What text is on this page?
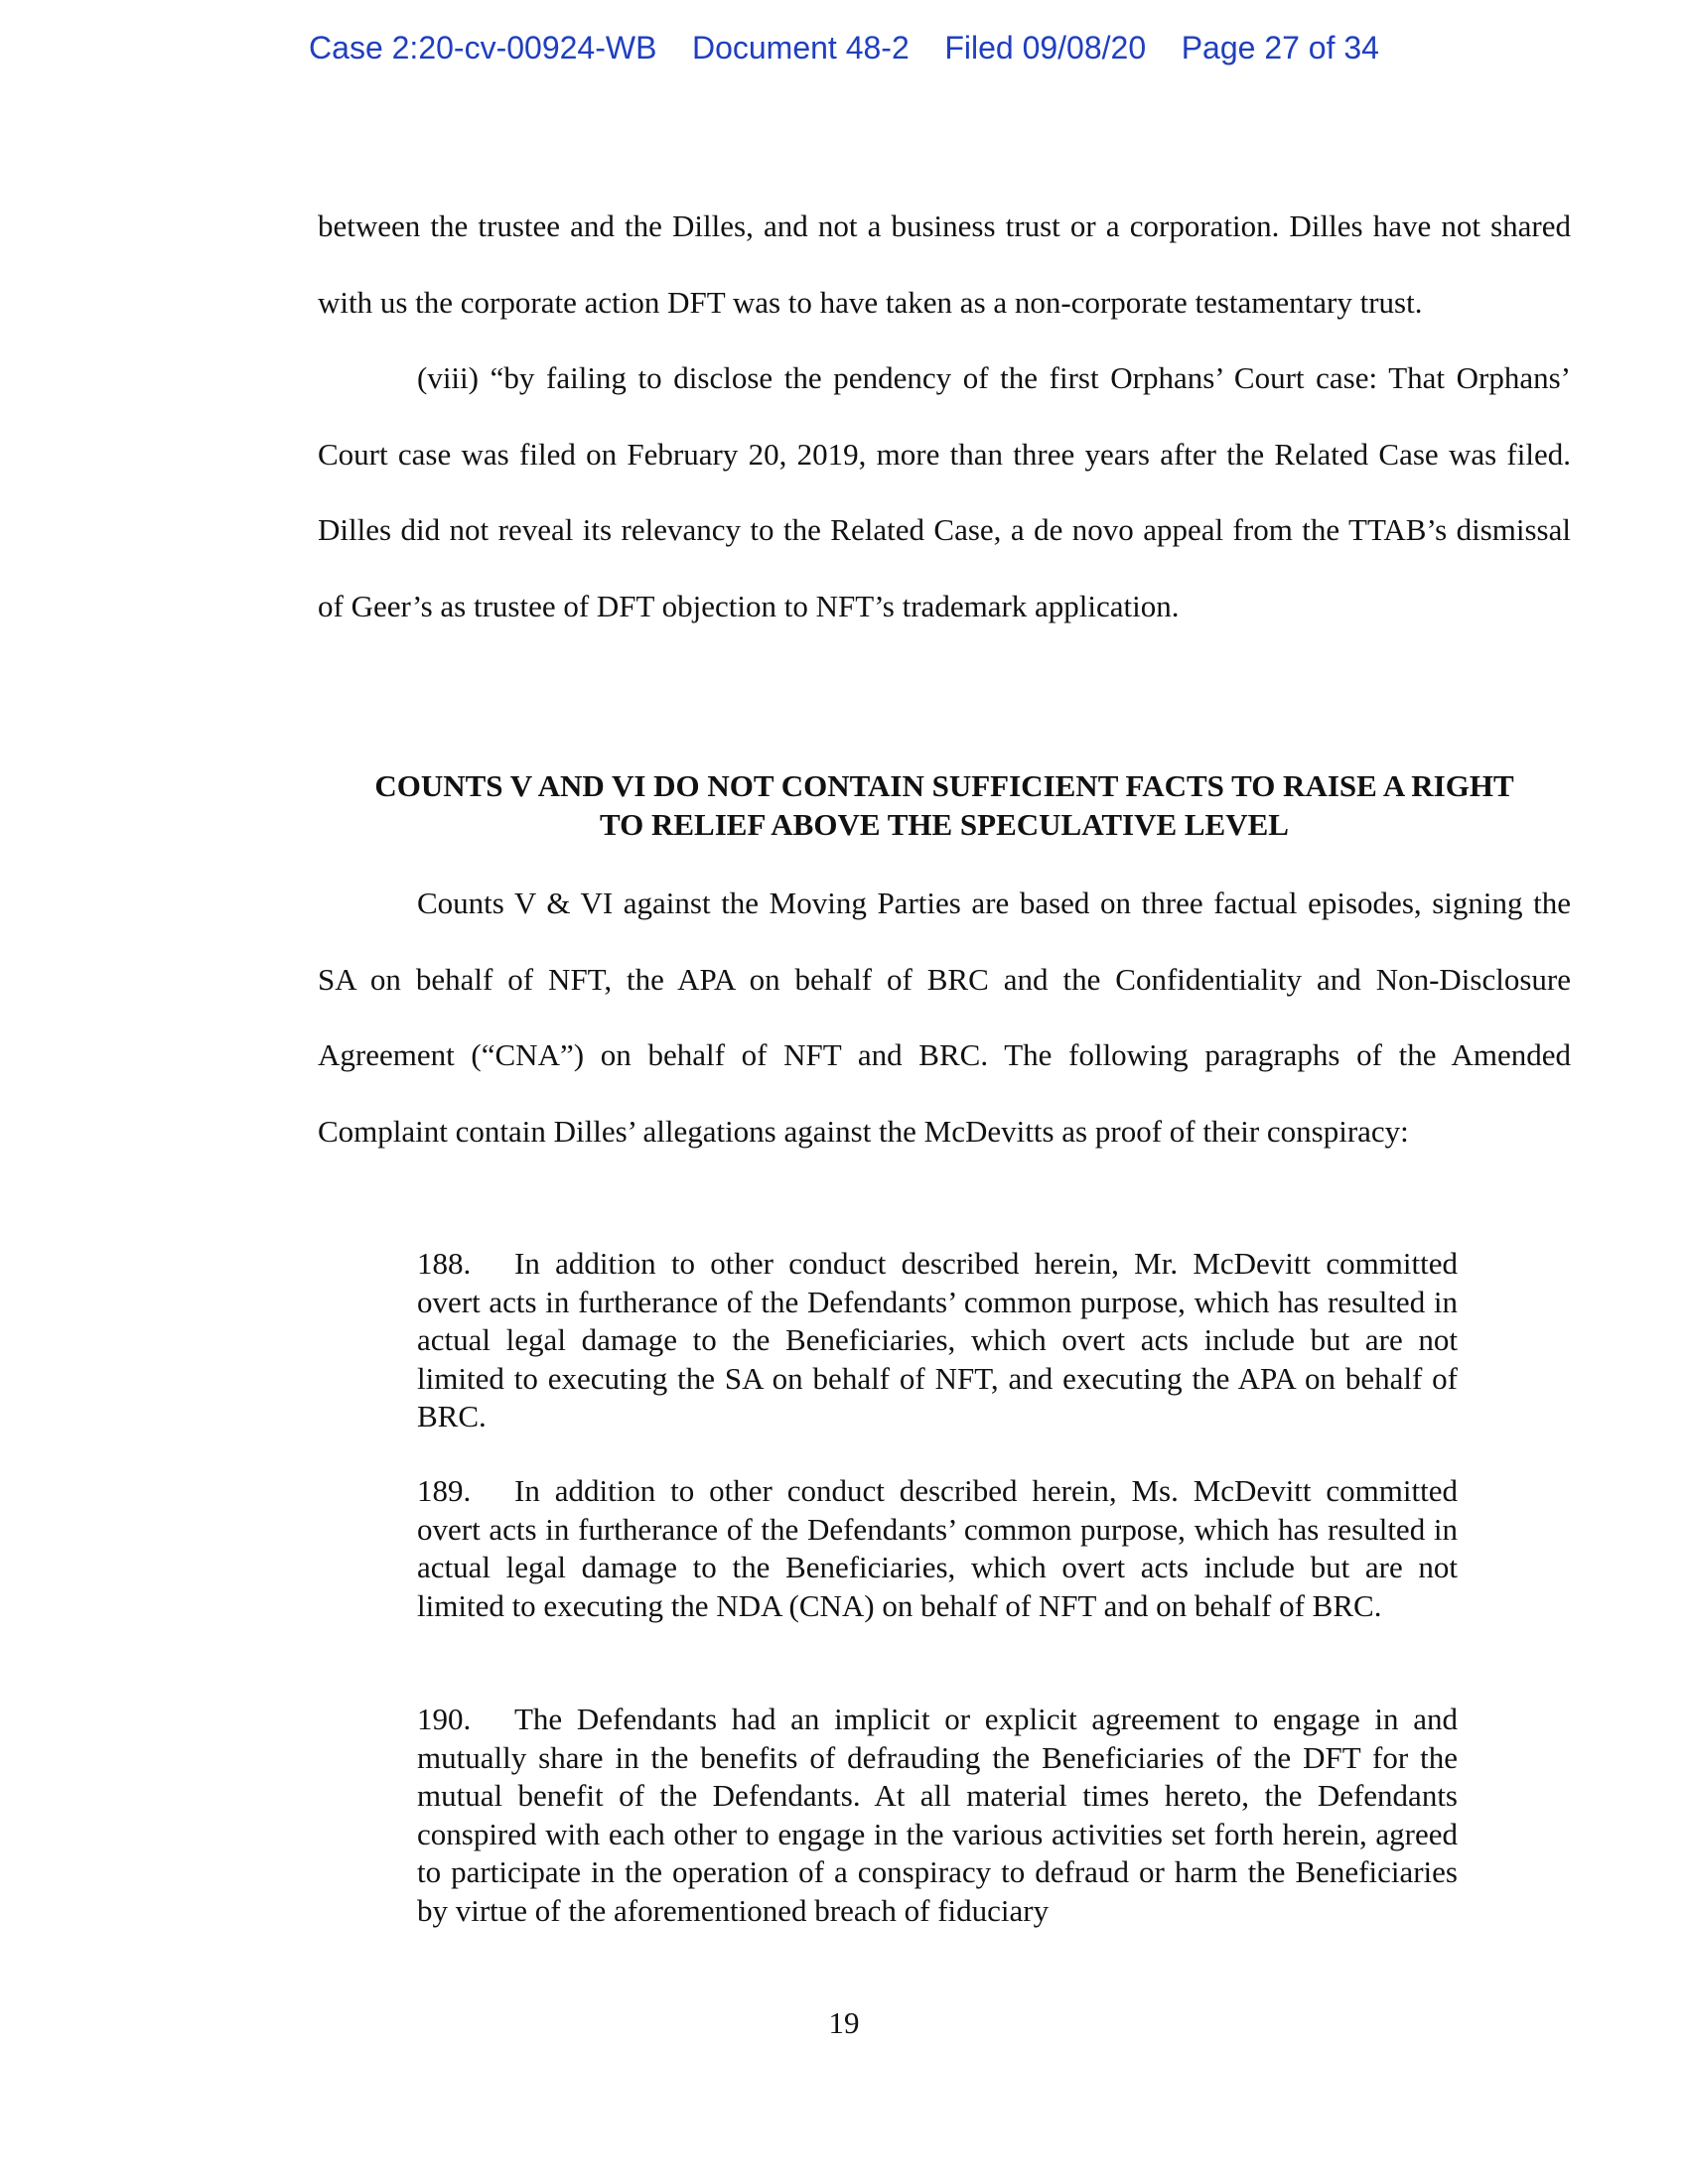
Case 2:20-cv-00924-WB    Document 48-2    Filed 09/08/20    Page 27 of 34

between the trustee and the Dilles, and not a business trust or a corporation. Dilles have not shared with us the corporate action DFT was to have taken as a non-corporate testamentary trust.

(viii) “by failing to disclose the pendency of the first Orphans’ Court case: That Orphans’ Court case was filed on February 20, 2019, more than three years after the Related Case was filed. Dilles did not reveal its relevancy to the Related Case, a de novo appeal from the TTAB’s dismissal of Geer’s as trustee of DFT objection to NFT’s trademark application.

COUNTS V AND VI DO NOT CONTAIN SUFFICIENT FACTS TO RAISE A RIGHT
TO RELIEF ABOVE THE SPECULATIVE LEVEL

Counts V & VI against the Moving Parties are based on three factual episodes, signing the SA on behalf of NFT, the APA on behalf of BRC and the Confidentiality and Non-Disclosure Agreement (“CNA”) on behalf of NFT and BRC. The following paragraphs of the Amended Complaint contain Dilles’ allegations against the McDevitts as proof of their conspiracy:

188. In addition to other conduct described herein, Mr. McDevitt committed overt acts in furtherance of the Defendants’ common purpose, which has resulted in actual legal damage to the Beneficiaries, which overt acts include but are not limited to executing the SA on behalf of NFT, and executing the APA on behalf of BRC.
189. In addition to other conduct described herein, Ms. McDevitt committed overt acts in furtherance of the Defendants’ common purpose, which has resulted in actual legal damage to the Beneficiaries, which overt acts include but are not limited to executing the NDA (CNA) on behalf of NFT and on behalf of BRC.
190. The Defendants had an implicit or explicit agreement to engage in and mutually share in the benefits of defrauding the Beneficiaries of the DFT for the mutual benefit of the Defendants. At all material times hereto, the Defendants conspired with each other to engage in the various activities set forth herein, agreed to participate in the operation of a conspiracy to defraud or harm the Beneficiaries by virtue of the aforementioned breach of fiduciary
19
